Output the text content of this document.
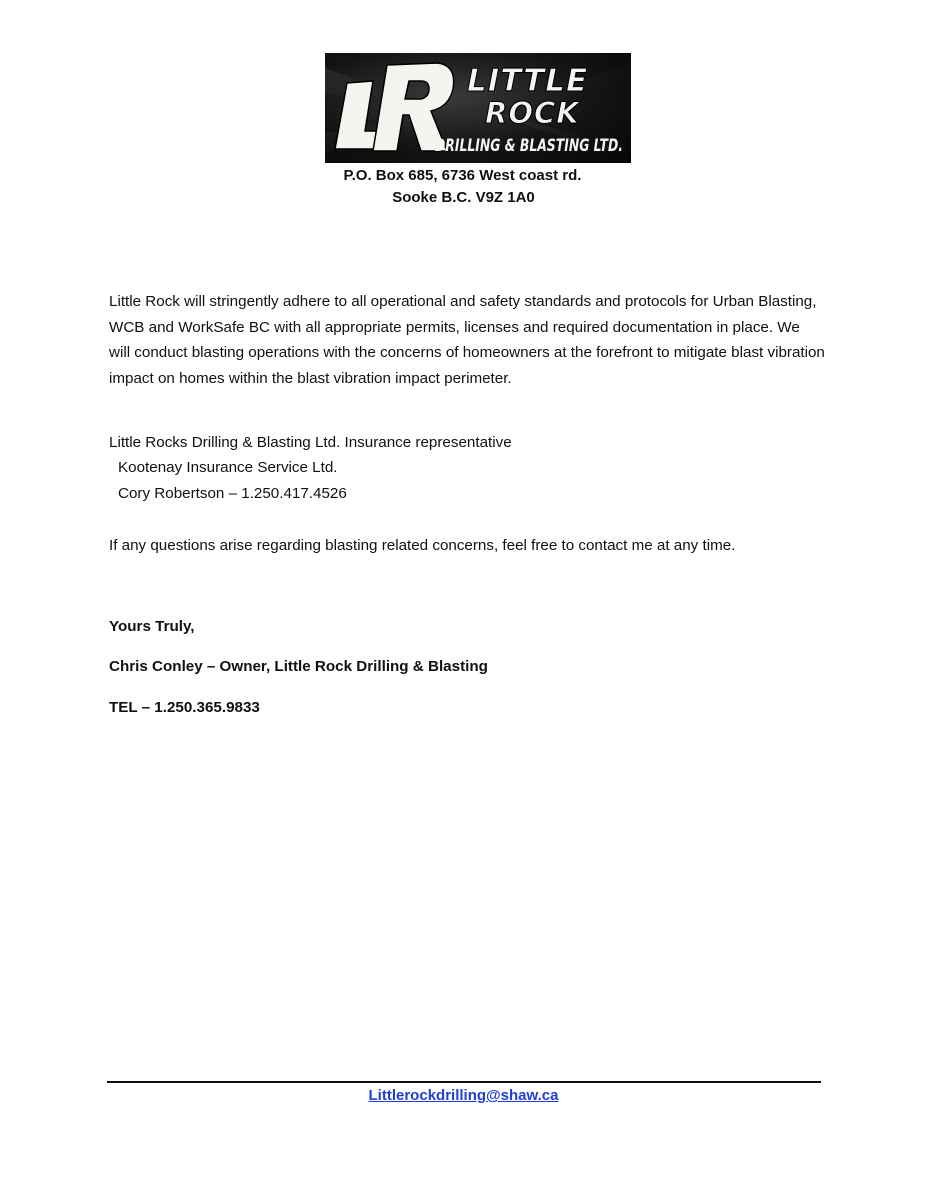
LITTLE
ROCK
DRILLING & BLASTING LTD.
P.O. Box 685, 6736 West coast rd.
Sooke B.C. V9Z 1A0
Little Rock will stringently adhere to all operational and safety standards and protocols for Urban Blasting, WCB and WorkSafe BC with all appropriate permits, licenses and required documentation in place. We will conduct blasting operations with the concerns of homeowners at the forefront to mitigate blast vibration impact on homes within the blast vibration impact perimeter.
Little Rocks Drilling & Blasting Ltd. Insurance representative
Kootenay Insurance Service Ltd.
Cory Robertson – 1.250.417.4526
If any questions arise regarding blasting related concerns, feel free to contact me at any time.
Yours Truly,
Chris Conley – Owner, Little Rock Drilling & Blasting
TEL – 1.250.365.9833
Littlerockdrilling@shaw.ca
